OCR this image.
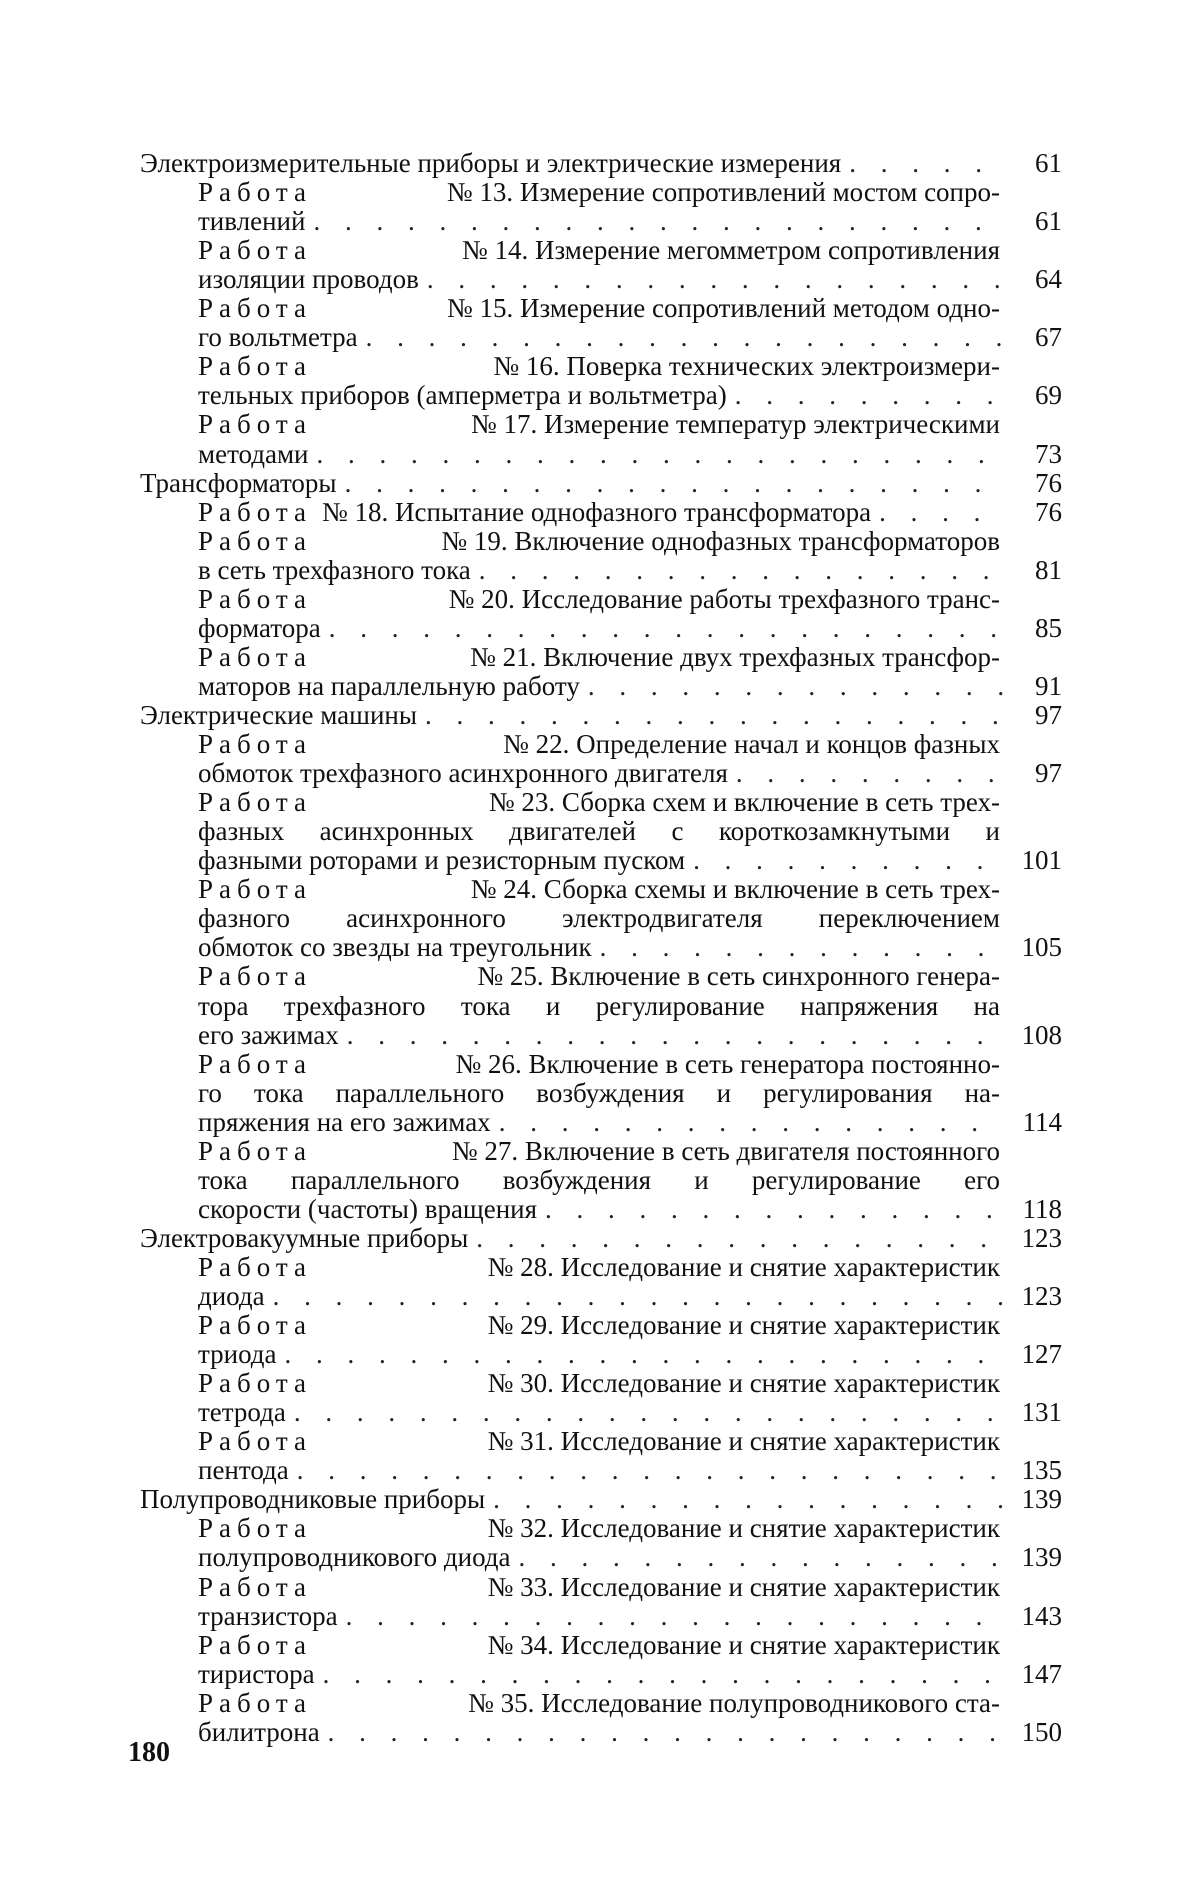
Электроизмерительные приборы и электрические измерения . . .	61
Работа	№ 13. Измерение сопротивлений мостом сопро-
тивлений . . .	61
Работа	№ 14. Измерение мегомметром сопротивления
изоляции проводов . . .	64
Работа	№ 15. Измерение сопротивлений методом одно-
го вольтметра . . .	67
Работа	№ 16. Поверка технических электроизмери-
тельных приборов (амперметра и вольтметра) . . .	69
Работа	№ 17. Измерение температур электрическими
методами . . .	73
Трансформаторы . . .	76
Работа № 18. Испытание однофазного трансформатора . . .	76
Работа	№ 19. Включение однофазных трансформаторов
в сеть трехфазного тока . . .	81
Работа	№ 20. Исследование работы трехфазного транс-
форматора . . .	85
Работа	№ 21. Включение двух трехфазных трансфор-
маторов на параллельную работу . . .	91
Электрические машины . . .	97
Работа	№ 22. Определение начал и концов фазных
обмоток трехфазного асинхронного двигателя . . .	97
Работа	№ 23. Сборка схем и включение в сеть трех-
фазных асинхронных двигателей с короткозамкнутыми и
фазными роторами и резисторным пуском . . .	101
Работа	№ 24. Сборка схемы и включение в сеть трех-
фазного асинхронного электродвигателя переключением
обмоток со звезды на треугольник . . .	105
Работа	№ 25. Включение в сеть синхронного генера-
тора трехфазного тока и регулирование напряжения на
его зажимах . . .	108
Работа	№ 26. Включение в сеть генератора постоянно-
го тока параллельного возбуждения и регулирования на-
пряжения на его зажимах . . .	114
Работа	№ 27. Включение в сеть двигателя постоянного
тока параллельного возбуждения и регулирование его
скорости (частоты) вращения . . .	118
Электровакуумные приборы . . .	123
Работа	№ 28. Исследование и снятие характеристик
диода . . .	123
Работа	№ 29. Исследование и снятие характеристик
триода . . .	127
Работа	№ 30. Исследование и снятие характеристик
тетрода . . .	131
Работа	№ 31. Исследование и снятие характеристик
пентода . . .	135
Полупроводниковые приборы . . .	139
Работа	№ 32. Исследование и снятие характеристик
полупроводникового диода . . .	139
Работа	№ 33. Исследование и снятие характеристик
транзистора . . .	143
Работа	№ 34. Исследование и снятие характеристик
тиристора . . .	147
Работа	№ 35. Исследование полупроводникового ста-
билитрона . . .	150
180
